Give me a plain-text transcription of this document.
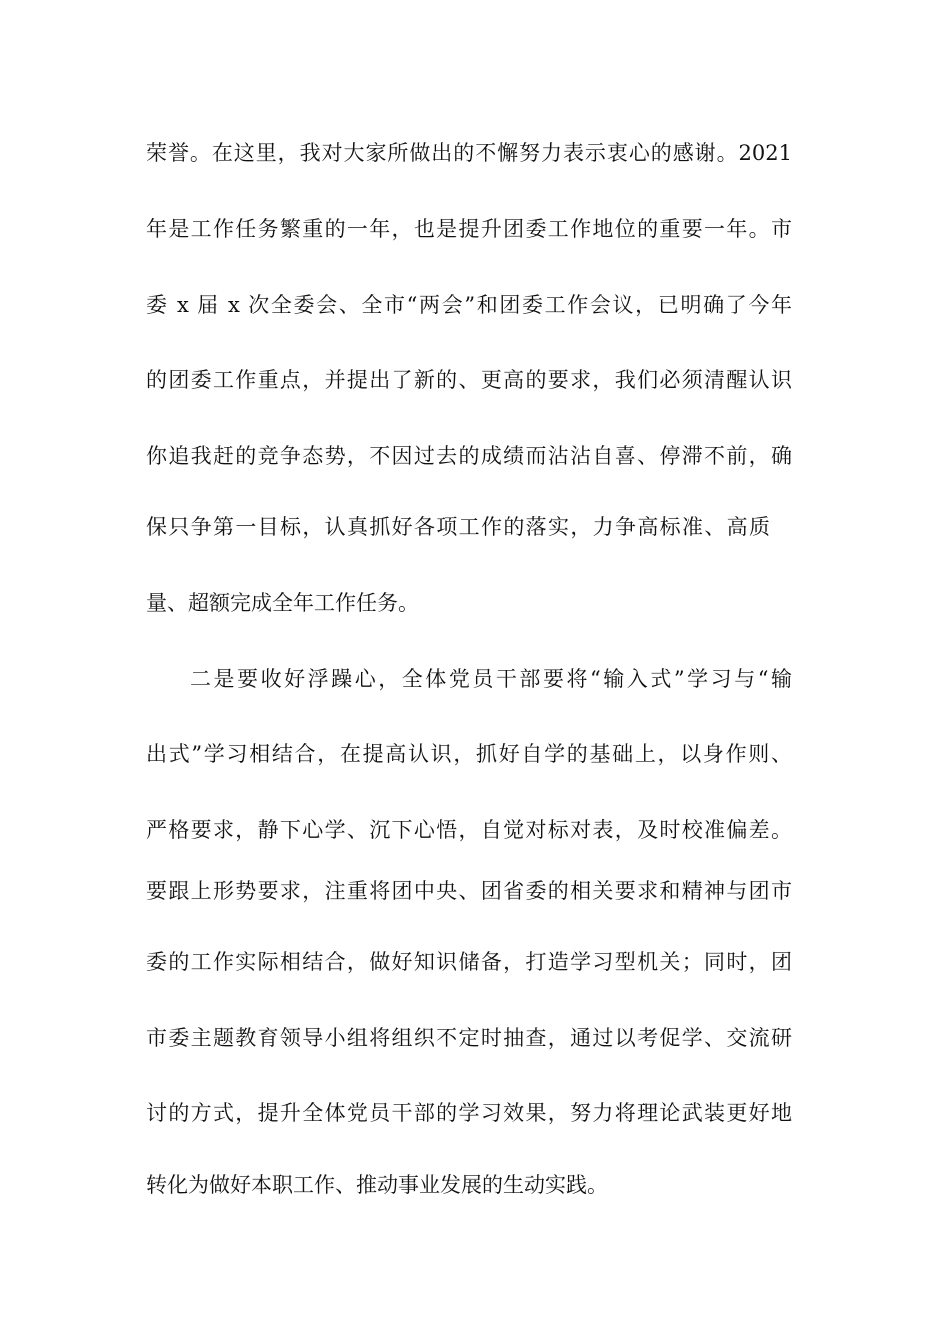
荣誉。在这里，我对大家所做出的不懈努力表示衷心的感谢。2021
年是工作任务繁重的一年，也是提升团委工作地位的重要一年。市
委 x 届 x 次全委会、全市“两会”和团委工作会议，已明确了今年
的团委工作重点，并提出了新的、更高的要求，我们必须清醒认识
你追我赶的竞争态势，不因过去的成绩而沾沾自喜、停滞不前，确
保只争第一目标，认真抓好各项工作的落实，力争高标准、高质
量、超额完成全年工作任务。
二是要收好浮躁心，全体党员干部要将“输入式”学习与“输
出式”学习相结合，在提高认识，抓好自学的基础上，以身作则、
严格要求，静下心学、沉下心悟，自觉对标对表，及时校准偏差。
要跟上形势要求，注重将团中央、团省委的相关要求和精神与团市
委的工作实际相结合，做好知识储备，打造学习型机关；同时，团
市委主题教育领导小组将组织不定时抽查，通过以考促学、交流研
讨的方式，提升全体党员干部的学习效果，努力将理论武装更好地
转化为做好本职工作、推动事业发展的生动实践。
